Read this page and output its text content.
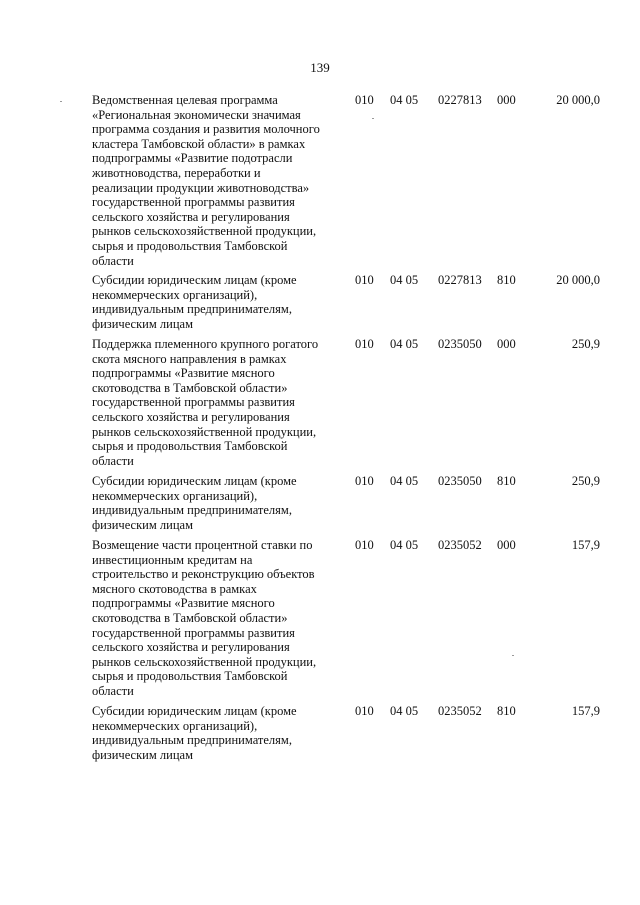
139
Ведомственная целевая программа
«Региональная экономически значимая
программа создания и развития молочного
кластера Тамбовской области» в рамках
подпрограммы «Развитие подотрасли
животноводства, переработки и
реализации продукции животноводства»
государственной программы развития
сельского хозяйства и регулирования
рынков сельскохозяйственной продукции,
сырья и продовольствия Тамбовской
области
010 04 05 0227813 000	20 000,0
Субсидии юридическим лицам (кроме
некоммерческих организаций),
индивидуальным предпринимателям,
физическим лицам
010 04 05 0227813 810	20 000,0
Поддержка племенного крупного рогатого
скота мясного направления в рамках
подпрограммы «Развитие мясного
скотоводства в Тамбовской области»
государственной программы развития
сельского хозяйства и регулирования
рынков сельскохозяйственной продукции,
сырья и продовольствия Тамбовской
области
010 04 05 0235050 000	250,9
Субсидии юридическим лицам (кроме
некоммерческих организаций),
индивидуальным предпринимателям,
физическим лицам
010 04 05 0235050 810	250,9
Возмещение части процентной ставки по
инвестиционным кредитам на
строительство и реконструкцию объектов
мясного скотоводства в рамках
подпрограммы «Развитие мясного
скотоводства в Тамбовской области»
государственной программы развития
сельского хозяйства и регулирования
рынков сельскохозяйственной продукции,
сырья и продовольствия Тамбовской
области
010 04 05 0235052 000	157,9
Субсидии юридическим лицам (кроме
некоммерческих организаций),
индивидуальным предпринимателям,
физическим лицам
010 04 05 0235052 810	157,9
